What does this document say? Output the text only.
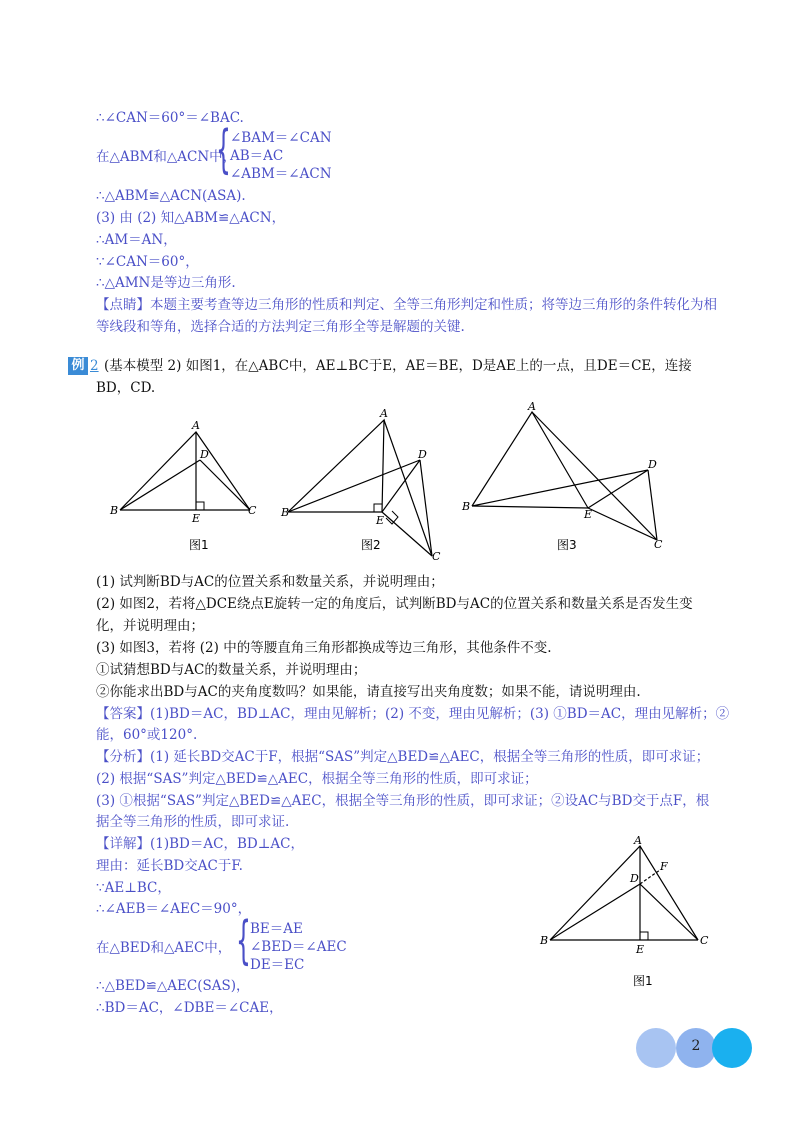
∴∠CAN＝60°＝∠BAC.
在△ABM和△ACN中，
{ ∠BAM＝∠CAN
AB＝AC
∠ABM＝∠ACN
∴△ABM≌△ACN(ASA).
(3) 由 (2) 知△ABM≌△ACN，
∴AM＝AN，
∵∠CAN＝60°，
∴△AMN是等边三角形.
【点睛】本题主要考查等边三角形的性质和判定、全等三角形判定和性质；将等边三角形的条件转化为相
等线段和等角，选择合适的方法判定三角形全等是解题的关键.
例 2 (基本模型 2) 如图1，在△ABC中，AE⊥BC于E，AE＝BE，D是AE上的一点，且DE＝CE，连接
BD，CD.
A
D
B
E
C
A
D
B
E
C
A
D
B
E
C
A
F
D
B
E
C
图1	图2	图3
(1) 试判断BD与AC的位置关系和数量关系，并说明理由；
(2) 如图2，若将△DCE绕点E旋转一定的角度后，试判断BD与AC的位置关系和数量关系是否发生变
化，并说明理由；
(3) 如图3，若将 (2) 中的等腰直角三角形都换成等边三角形，其他条件不变.
①试猜想BD与AC的数量关系，并说明理由；
②你能求出BD与AC的夹角度数吗？如果能，请直接写出夹角度数；如果不能，请说明理由.
【答案】(1)BD＝AC，BD⊥AC，理由见解析；(2) 不变，理由见解析；(3) ①BD＝AC，理由见解析；②
能，60°或120°.
【分析】(1) 延长BD交AC于F，根据“SAS”判定△BED≌△AEC，根据全等三角形的性质，即可求证；
(2) 根据“SAS”判定△BED≌△AEC，根据全等三角形的性质，即可求证；
(3) ①根据“SAS”判定△BED≌△AEC，根据全等三角形的性质，即可求证；②设AC与BD交于点F，根
据全等三角形的性质，即可求证.
【详解】(1)BD＝AC，BD⊥AC，
理由：延长BD交AC于F.
∵AE⊥BC，
∴∠AEB＝∠AEC＝90°，
在△BED和△AEC中， { BE＝AE
∠BED＝∠AEC
DE＝EC
∴△BED≌△AEC(SAS)，
∴BD＝AC，∠DBE＝∠CAE，
图1
2
